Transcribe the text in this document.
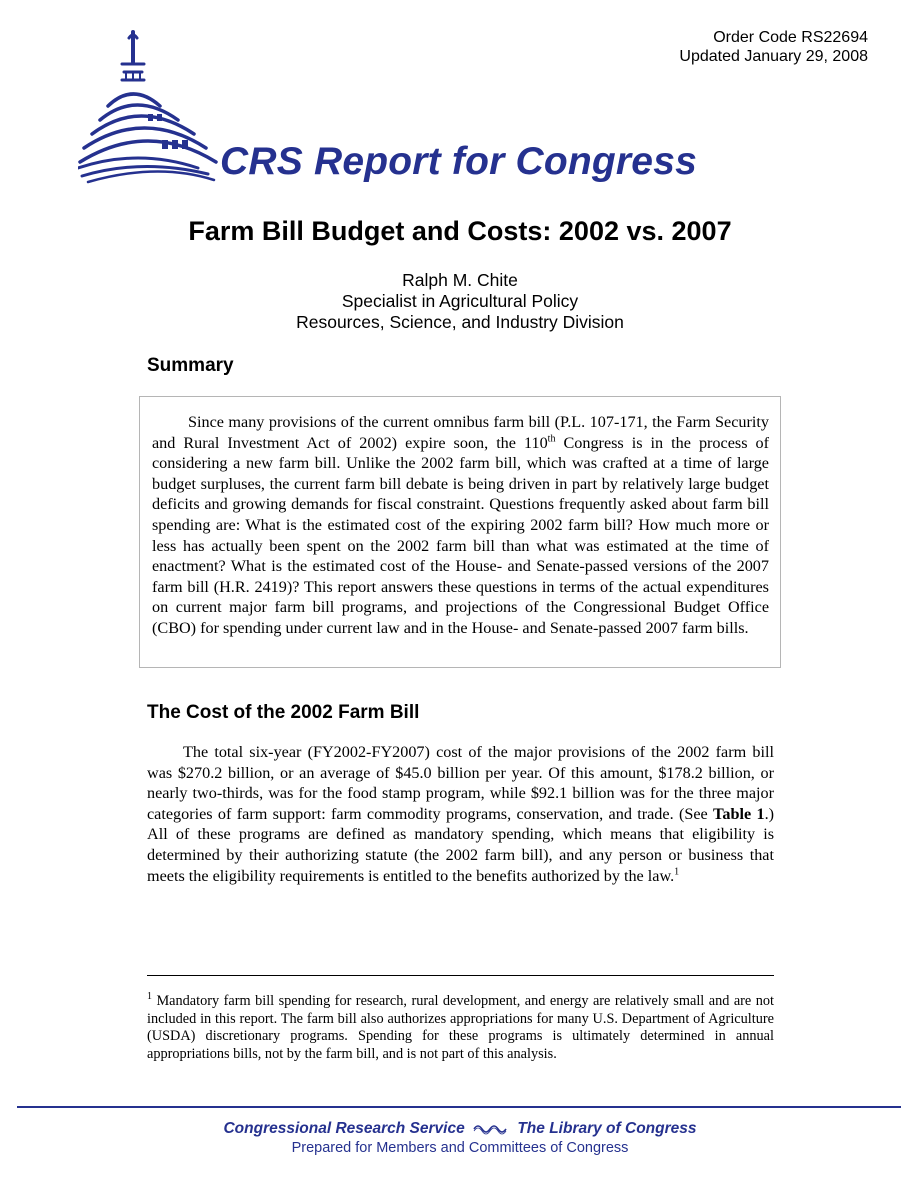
Order Code RS22694
Updated January 29, 2008
CRS Report for Congress
Farm Bill Budget and Costs: 2002 vs. 2007
Ralph M. Chite
Specialist in Agricultural Policy
Resources, Science, and Industry Division
Summary

Since many provisions of the current omnibus farm bill (P.L. 107-171, the Farm Security and Rural Investment Act of 2002) expire soon, the 110th Congress is in the process of considering a new farm bill. Unlike the 2002 farm bill, which was crafted at a time of large budget surpluses, the current farm bill debate is being driven in part by relatively large budget deficits and growing demands for fiscal constraint. Questions frequently asked about farm bill spending are: What is the estimated cost of the expiring 2002 farm bill? How much more or less has actually been spent on the 2002 farm bill than what was estimated at the time of enactment? What is the estimated cost of the House- and Senate-passed versions of the 2007 farm bill (H.R. 2419)? This report answers these questions in terms of the actual expenditures on current major farm bill programs, and projections of the Congressional Budget Office (CBO) for spending under current law and in the House- and Senate-passed 2007 farm bills.

The Cost of the 2002 Farm Bill

The total six-year (FY2002-FY2007) cost of the major provisions of the 2002 farm bill was $270.2 billion, or an average of $45.0 billion per year. Of this amount, $178.2 billion, or nearly two-thirds, was for the food stamp program, while $92.1 billion was for the three major categories of farm support: farm commodity programs, conservation, and trade. (See Table 1.) All of these programs are defined as mandatory spending, which means that eligibility is determined by their authorizing statute (the 2002 farm bill), and any person or business that meets the eligibility requirements is entitled to the benefits authorized by the law.$^1$

$^1$ Mandatory farm bill spending for research, rural development, and energy are relatively small and are not included in this report. The farm bill also authorizes appropriations for many U.S. Department of Agriculture (USDA) discretionary programs. Spending for these programs is ultimately determined in annual appropriations bills, not by the farm bill, and is not part of this analysis.

Congressional Research Service	The Library of Congress
Prepared for Members and Committees of Congress
